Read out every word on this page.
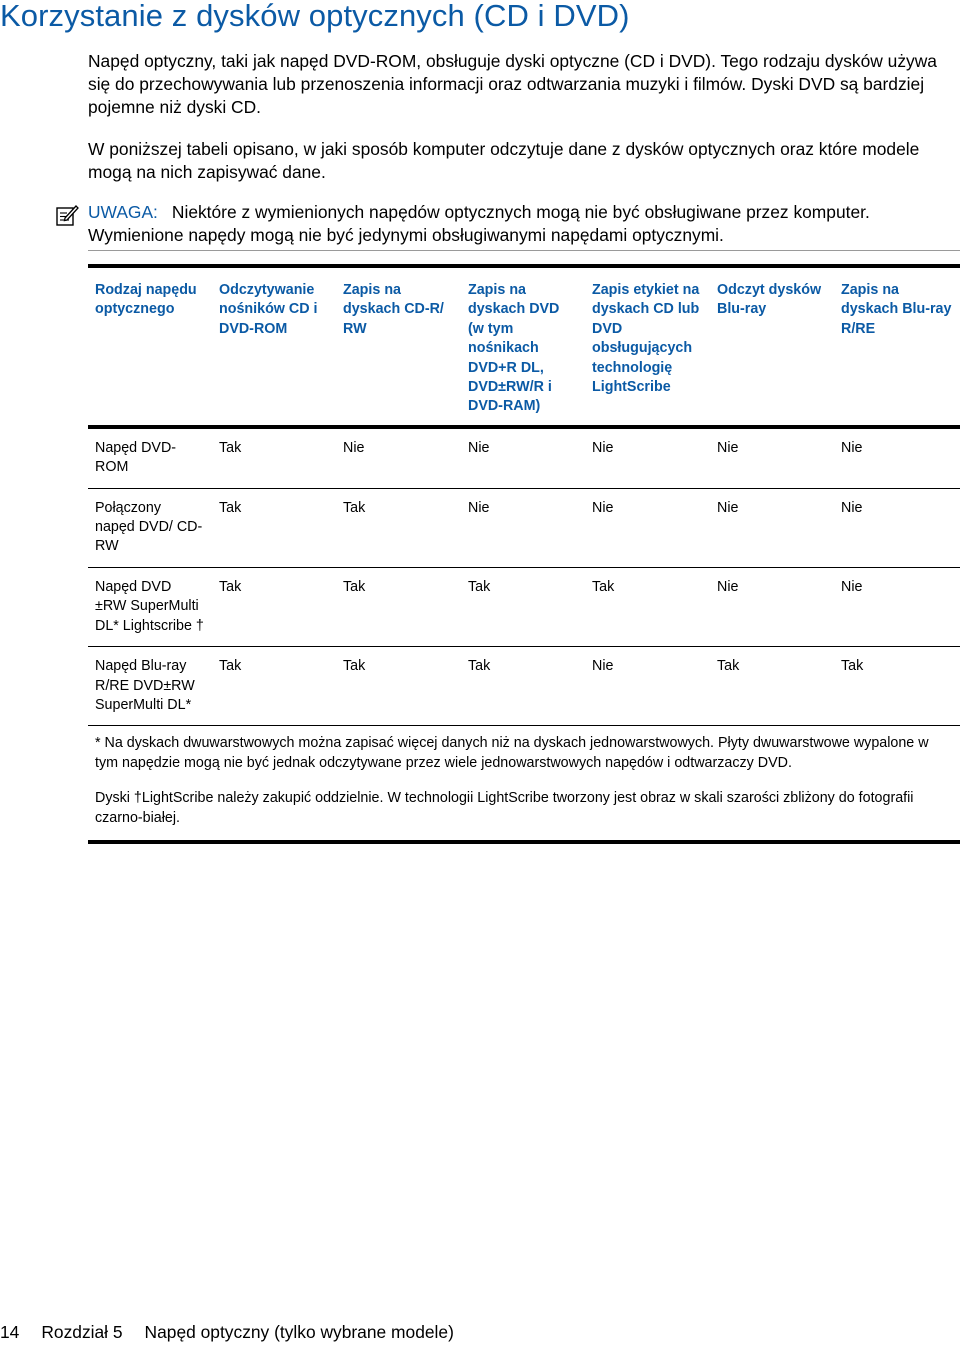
Korzystanie z dysków optycznych (CD i DVD)

Napęd optyczny, taki jak napęd DVD-ROM, obsługuje dyski optyczne (CD i DVD). Tego rodzaju dysków używa się do przechowywania lub przenoszenia informacji oraz odtwarzania muzyki i filmów. Dyski DVD są bardziej pojemne niż dyski CD.

W poniższej tabeli opisano, w jaki sposób komputer odczytuje dane z dysków optycznych oraz które modele mogą na nich zapisywać dane.

UWAGA: Niektóre z wymienionych napędów optycznych mogą nie być obsługiwane przez komputer. Wymienione napędy mogą nie być jedynymi obsługiwanymi napędami optycznymi.
Rodzaj napędu optycznego	Odczytywanie nośników CD i DVD-ROM	Zapis na dyskach CD-R/ RW	Zapis na dyskach DVD (w tym nośnikach DVD+R DL, DVD±RW/R i DVD-RAM)	Zapis etykiet na dyskach CD lub DVD obsługujących technologię LightScribe	Odczyt dysków Blu-ray	Zapis na dyskach Blu-ray R/RE
Napęd DVD-ROM	Tak	Nie	Nie	Nie	Nie	Nie
Połączony napęd DVD/ CD-RW	Tak	Tak	Nie	Nie	Nie	Nie
Napęd DVD ±RW SuperMulti DL* Lightscribe †	Tak	Tak	Tak	Tak	Nie	Nie
Napęd Blu-ray R/RE DVD±RW SuperMulti DL*	Tak	Tak	Tak	Nie	Tak	Tak

* Na dyskach dwuwarstwowych można zapisać więcej danych niż na dyskach jednowarstwowych. Płyty dwuwarstwowe wypalone w tym napędzie mogą nie być jednak odczytywane przez wiele jednowarstwowych napędów i odtwarzaczy DVD.

Dyski †LightScribe należy zakupić oddzielnie. W technologii LightScribe tworzony jest obraz w skali szarości zbliżony do fotografii czarno-białej.						

14 Rozdział 5 Napęd optyczny (tylko wybrane modele)
